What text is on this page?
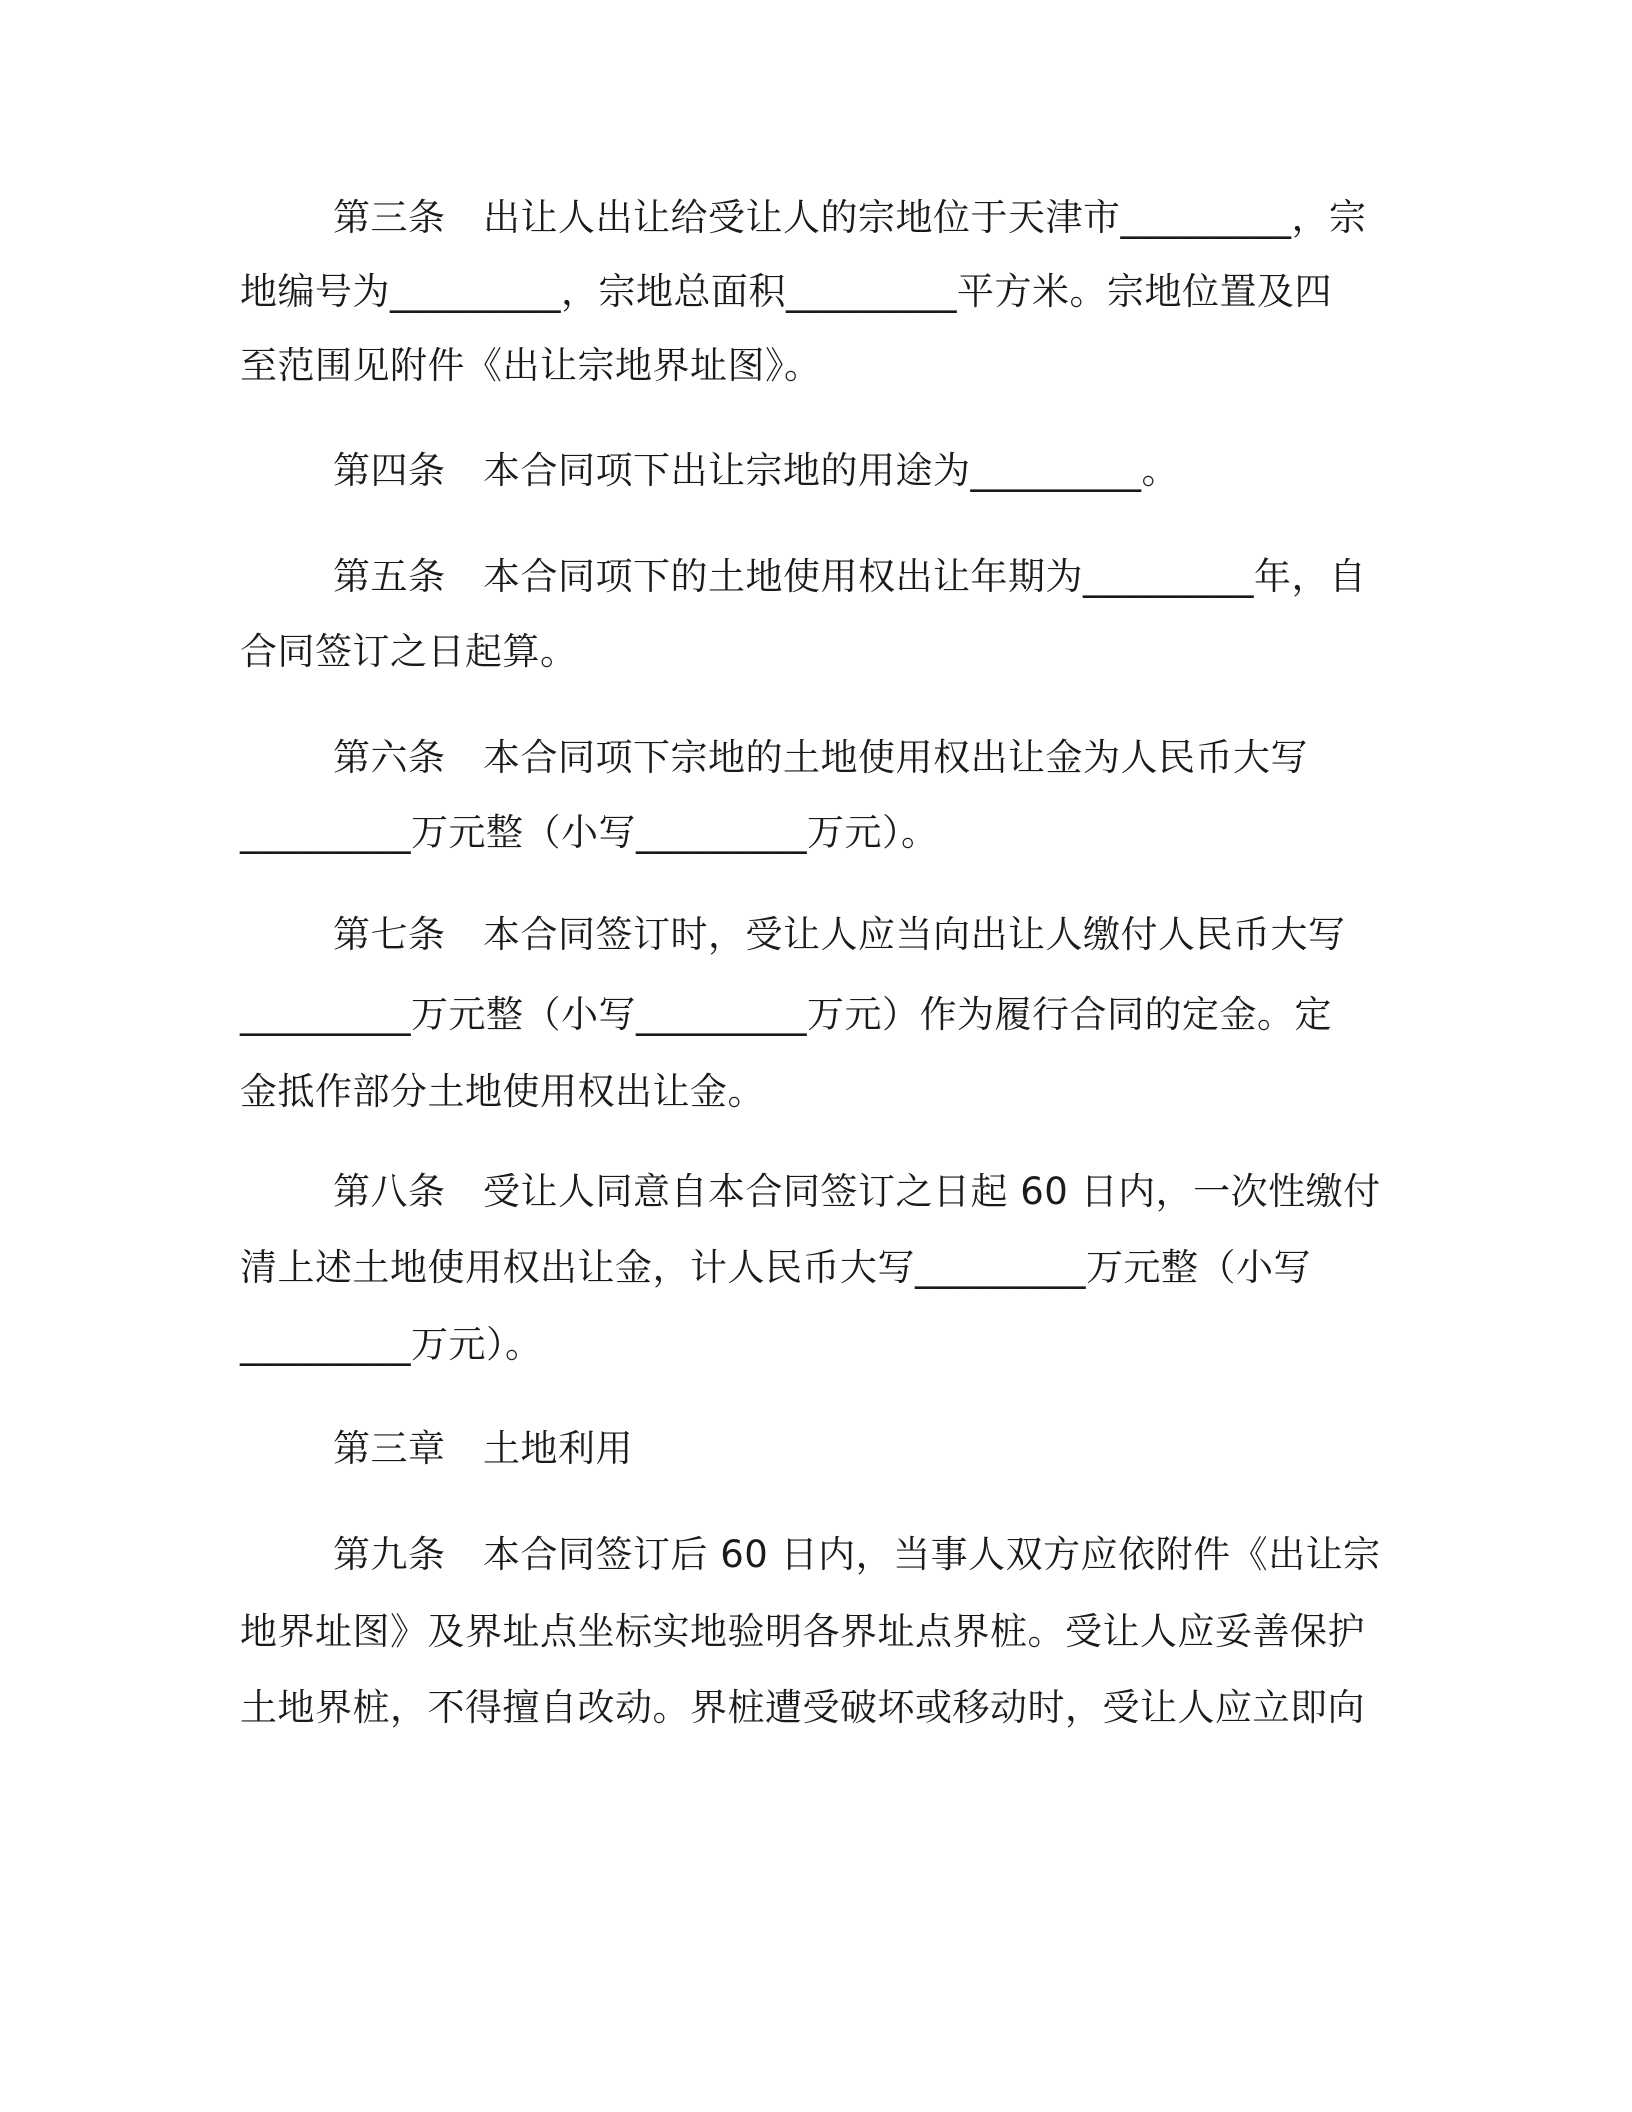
第三条　出让人出让给受让人的宗地位于天津市_________，宗
地编号为_________，宗地总面积_________平方米。宗地位置及四
至范围见附件《出让宗地界址图》。
第四条　本合同项下出让宗地的用途为_________。
第五条　本合同项下的土地使用权出让年期为_________年，自
合同签订之日起算。
第六条　本合同项下宗地的土地使用权出让金为人民币大写
_________万元整（小写_________万元）。
第七条　本合同签订时，受让人应当向出让人缴付人民币大写
_________万元整（小写_________万元）作为履行合同的定金。定
金抵作部分土地使用权出让金。
第八条　受让人同意自本合同签订之日起 60 日内，一次性缴付
清上述土地使用权出让金，计人民币大写_________万元整（小写
_________万元）。
第三章　土地利用
第九条　本合同签订后 60 日内，当事人双方应依附件《出让宗
地界址图》及界址点坐标实地验明各界址点界桩。受让人应妥善保护
土地界桩，不得擅自改动。界桩遭受破坏或移动时，受让人应立即向
